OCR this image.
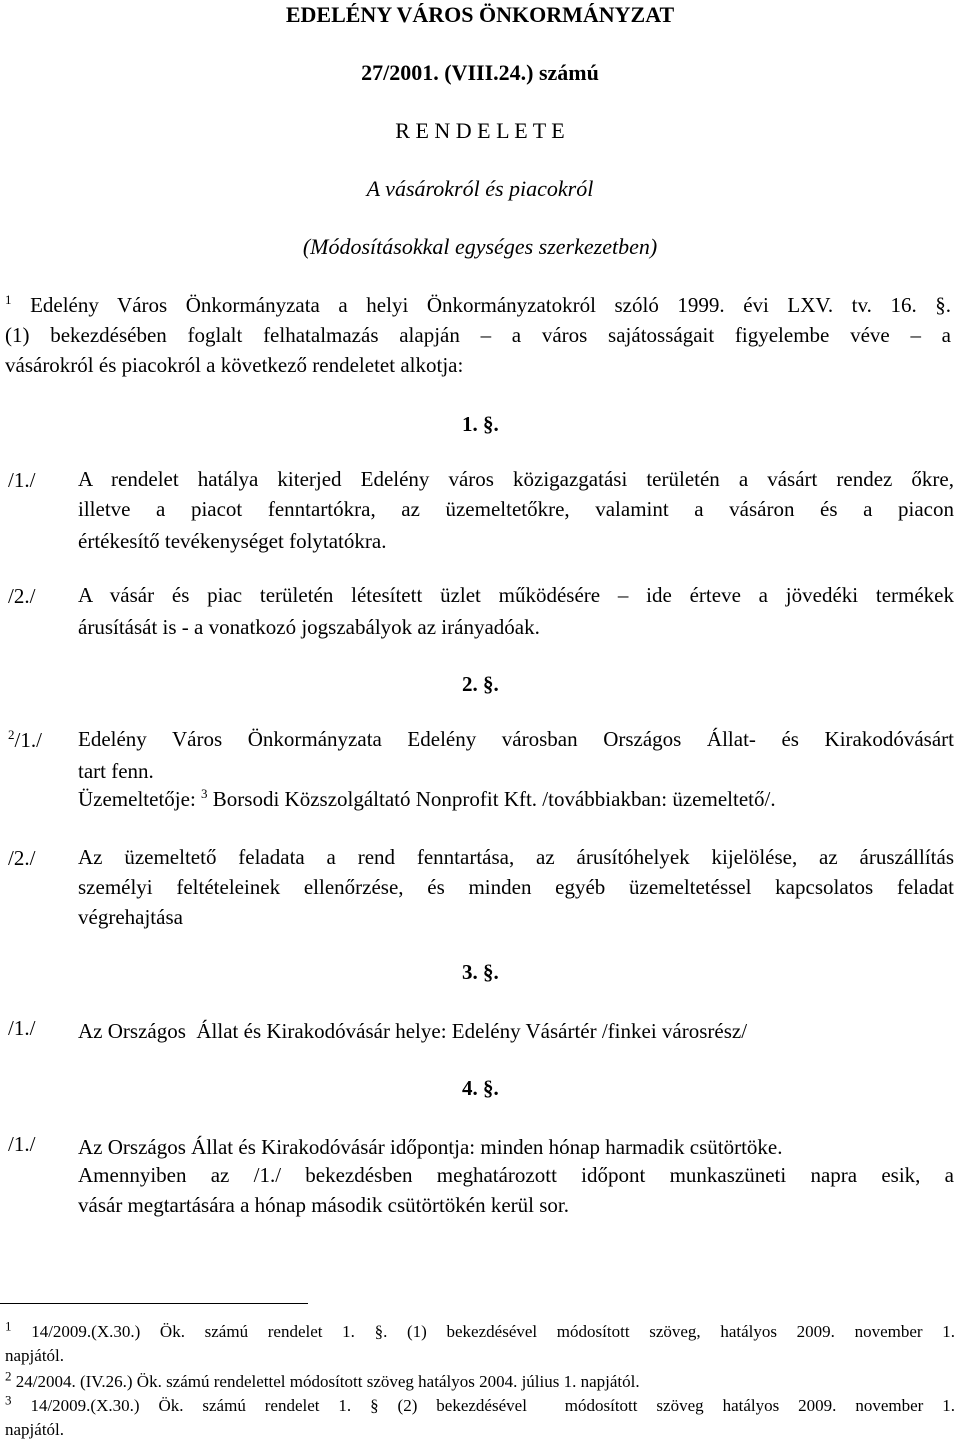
EDELÉNY VÁROS ÖNKORMÁNYZAT
27/2001. (VIII.24.) számú
R E N D E L E T E
A vásárokról és piacokról
(Módosításokkal egységes szerkezetben)
$^1$ Edelény Város Önkormányzata a helyi Önkormányzatokról szóló 1999. évi LXV. tv. 16. §.
(1) bekezdésében foglalt felhatalmazás alapján – a város sajátosságait figyelembe véve – a
vásárokról és piacokról a következő rendeletet alkotja:
1. §.
/1./ A rendelet hatálya kiterjed Edelény város közigazgatási területén a vásárt rendez őkre,
illetve a piacot fenntartókra, az üzemeltetőkre, valamint a vásáron és a piacon
értékesítő tevékenységet folytatókra.
/2./ A vásár és piac területén létesített üzlet működésére – ide érteve a jövedéki termékek
árusítását is - a vonatkozó jogszabályok az irányadóak.
2. §.
$^2$/1./ Edelény Város Önkormányzata Edelény városban Országos Állat- és Kirakodóvásárt
tart fenn.
Üzemeltetője: $^3$ Borsodi Közszolgáltató Nonprofit Kft. /továbbiakban: üzemeltető/.
/2./ Az üzemeltető feladata a rend fenntartása, az árusítóhelyek kijelölése, az áruszállítás
személyi feltételeinek ellenőrzése, és minden egyéb üzemeltetéssel kapcsolatos feladat
végrehajtása
3. §.
/1./ Az Országos  Állat és Kirakodóvásár helye: Edelény Vásártér /finkei városrész/
4. §.
/1./ Az Országos Állat és Kirakodóvásár időpontja: minden hónap harmadik csütörtöke.
Amennyiben az /1./ bekezdésben meghatározott időpont munkaszüneti napra esik, a
vásár megtartására a hónap második csütörtökén kerül sor.
$^1$ 14/2009.(X.30.) Ök. számú rendelet 1. §. (1) bekezdésével módosított szöveg, hatályos 2009. november 1.
napjától.
$^2$ 24/2004. (IV.26.) Ök. számú rendelettel módosított szöveg hatályos 2004. július 1. napjától.
$^3$ 14/2009.(X.30.) Ök. számú rendelet 1. § (2) bekezdésével  módosított szöveg hatályos 2009. november 1.
napjától.
